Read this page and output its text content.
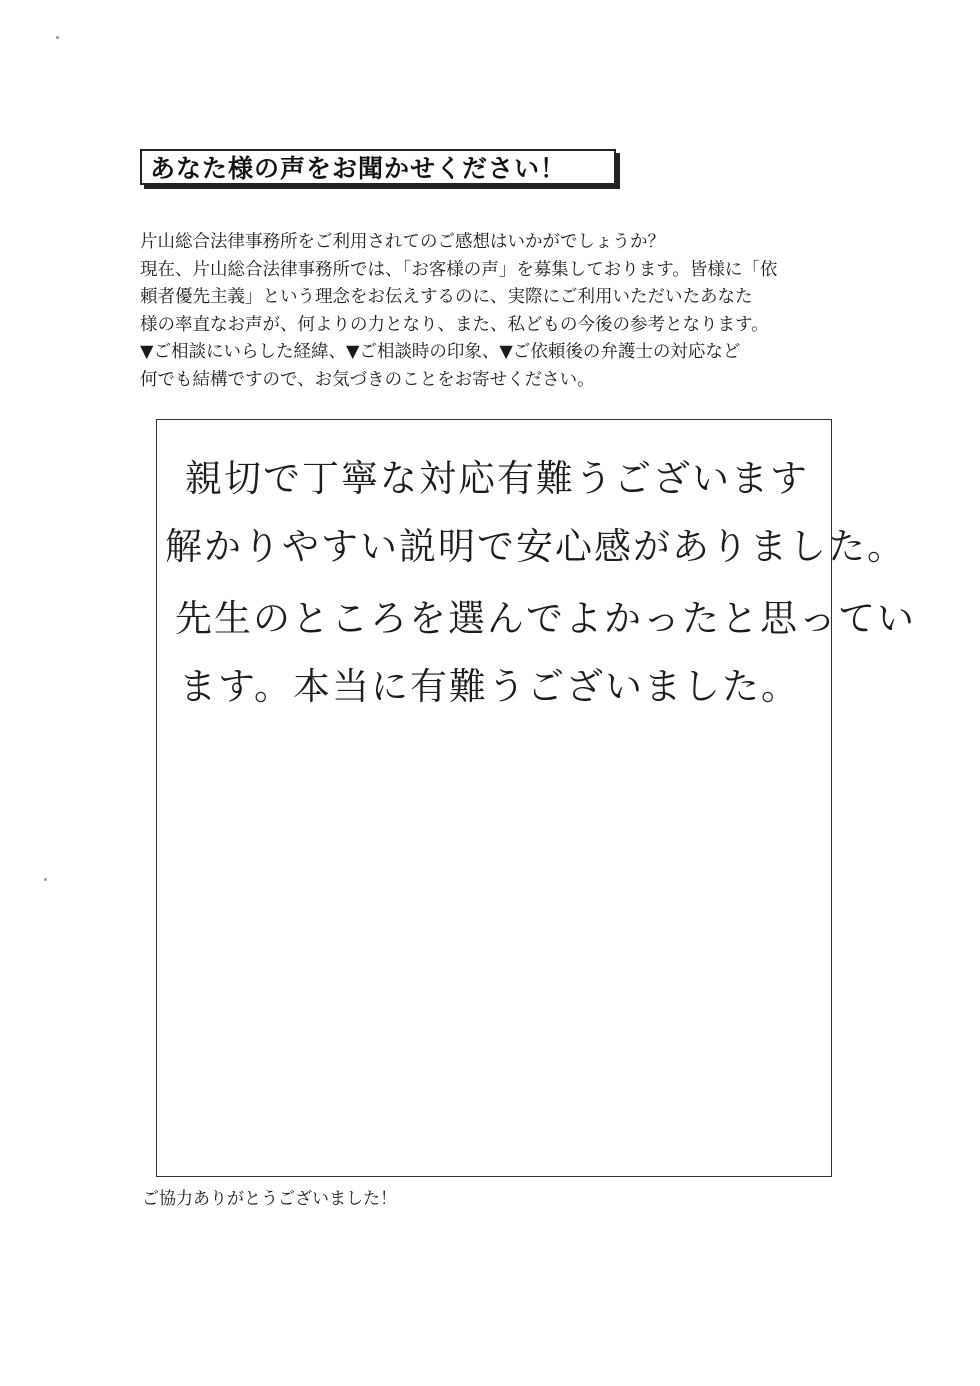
あなた様の声をお聞かせください！
片山総合法律事務所をご利用されてのご感想はいかがでしょうか？
現在、片山総合法律事務所では、「お客様の声」を募集しております。皆様に「依
頼者優先主義」という理念をお伝えするのに、実際にご利用いただいたあなた
様の率直なお声が、何よりの力となり、また、私どもの今後の参考となります。
▼ご相談にいらした経緯、▼ご相談時の印象、▼ご依頼後の弁護士の対応など
何でも結構ですので、お気づきのことをお寄せください。
親切で丁寧な対応有難うございます
解かりやすい説明で安心感がありました。
先生のところを選んでよかったと思ってい
ます。本当に有難うございました。
ご協力ありがとうございました！
